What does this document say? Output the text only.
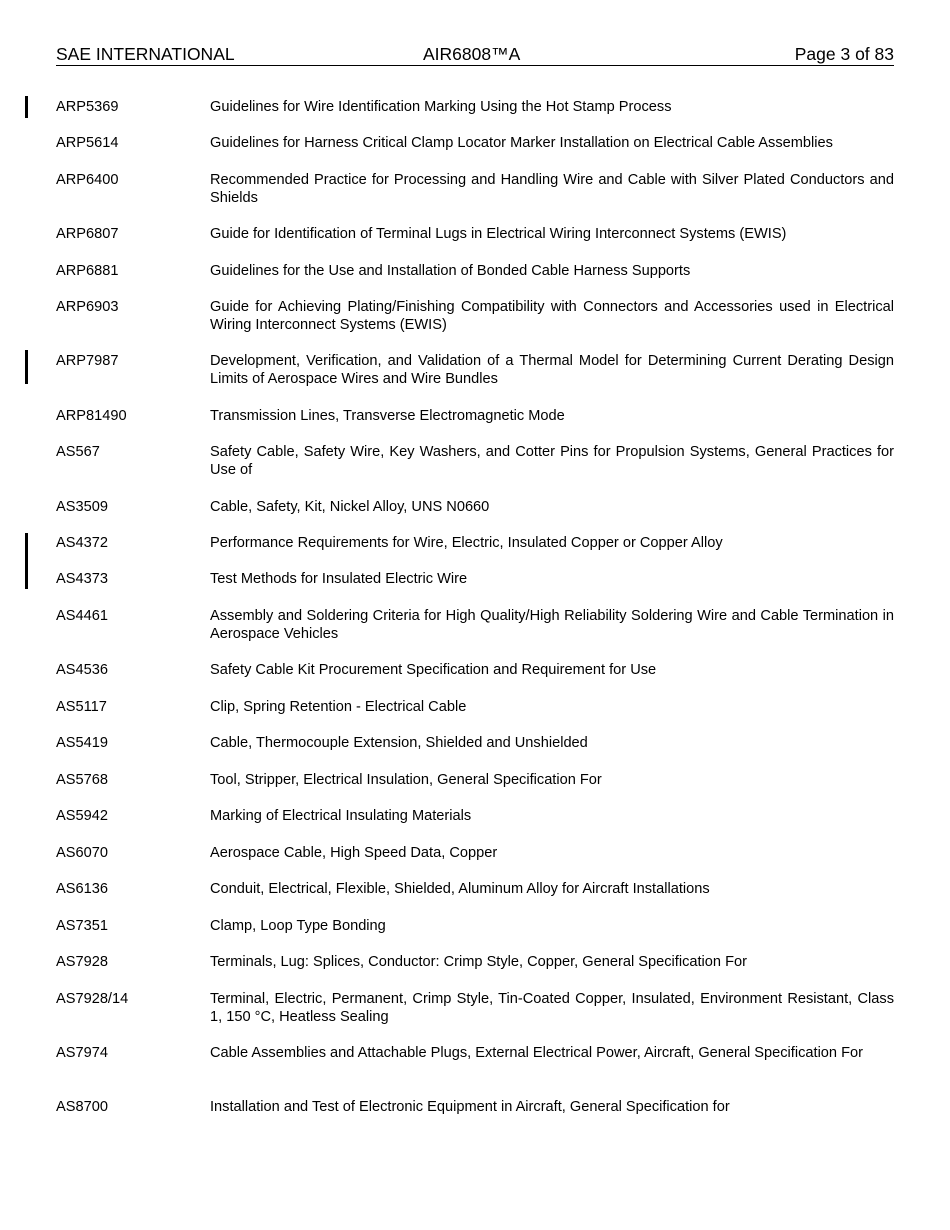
SAE INTERNATIONAL	AIR6808™A	Page 3 of 83
ARP5369	Guidelines for Wire Identification Marking Using the Hot Stamp Process
ARP5614	Guidelines for Harness Critical Clamp Locator Marker Installation on Electrical Cable Assemblies
ARP6400	Recommended Practice for Processing and Handling Wire and Cable with Silver Plated Conductors and Shields
ARP6807	Guide for Identification of Terminal Lugs in Electrical Wiring Interconnect Systems (EWIS)
ARP6881	Guidelines for the Use and Installation of Bonded Cable Harness Supports
ARP6903	Guide for Achieving Plating/Finishing Compatibility with Connectors and Accessories used in Electrical Wiring Interconnect Systems (EWIS)
ARP7987	Development, Verification, and Validation of a Thermal Model for Determining Current Derating Design Limits of Aerospace Wires and Wire Bundles
ARP81490	Transmission Lines, Transverse Electromagnetic Mode
AS567	Safety Cable, Safety Wire, Key Washers, and Cotter Pins for Propulsion Systems, General Practices for Use of
AS3509	Cable, Safety, Kit, Nickel Alloy, UNS N0660
AS4372	Performance Requirements for Wire, Electric, Insulated Copper or Copper Alloy
AS4373	Test Methods for Insulated Electric Wire
AS4461	Assembly and Soldering Criteria for High Quality/High Reliability Soldering Wire and Cable Termination in Aerospace Vehicles
AS4536	Safety Cable Kit Procurement Specification and Requirement for Use
AS5117	Clip, Spring Retention - Electrical Cable
AS5419	Cable, Thermocouple Extension, Shielded and Unshielded
AS5768	Tool, Stripper, Electrical Insulation, General Specification For
AS5942	Marking of Electrical Insulating Materials
AS6070	Aerospace Cable, High Speed Data, Copper
AS6136	Conduit, Electrical, Flexible, Shielded, Aluminum Alloy for Aircraft Installations
AS7351	Clamp, Loop Type Bonding
AS7928	Terminals, Lug: Splices, Conductor: Crimp Style, Copper, General Specification For
AS7928/14	Terminal, Electric, Permanent, Crimp Style, Tin-Coated Copper, Insulated, Environment Resistant, Class 1, 150 °C, Heatless Sealing
AS7974	Cable Assemblies and Attachable Plugs, External Electrical Power, Aircraft, General Specification For
AS8700	Installation and Test of Electronic Equipment in Aircraft, General Specification for
